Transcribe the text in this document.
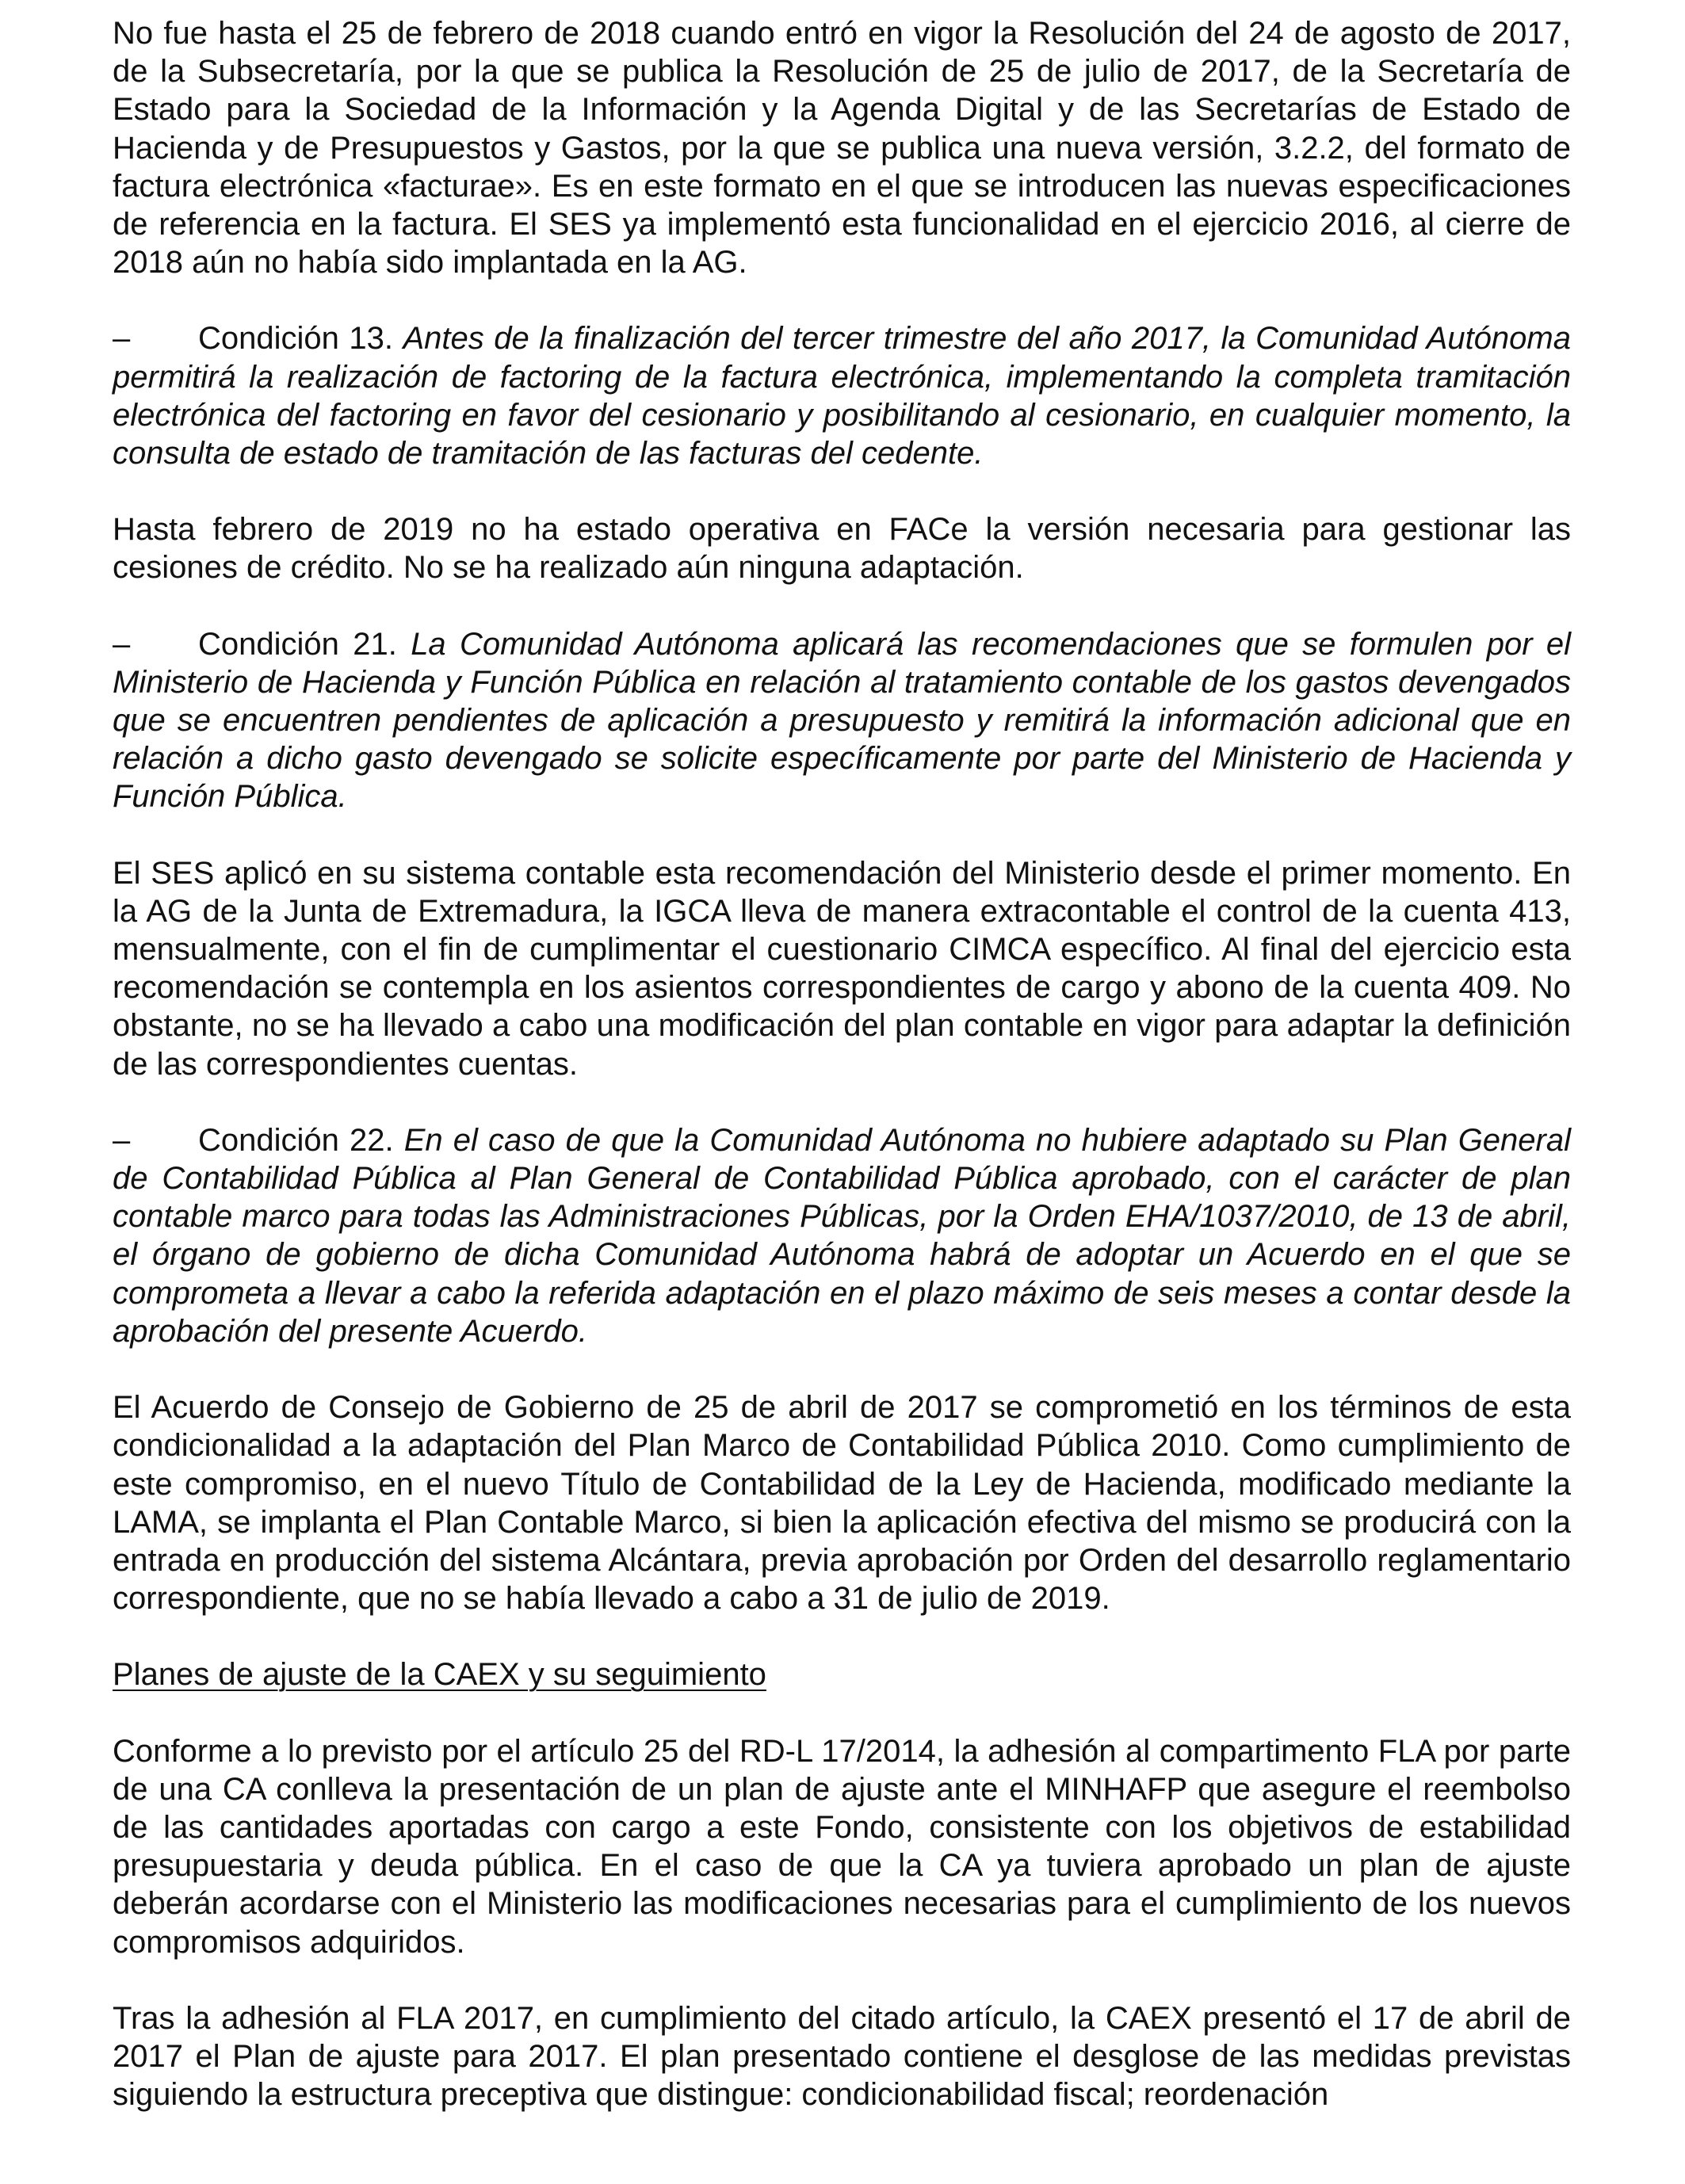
No fue hasta el 25 de febrero de 2018 cuando entró en vigor la Resolución del 24 de agosto de 2017, de la Subsecretaría, por la que se publica la Resolución de 25 de julio de 2017, de la Secretaría de Estado para la Sociedad de la Información y la Agenda Digital y de las Secretarías de Estado de Hacienda y de Presupuestos y Gastos, por la que se publica una nueva versión, 3.2.2, del formato de factura electrónica «facturae». Es en este formato en el que se introducen las nuevas especificaciones de referencia en la factura. El SES ya implementó esta funcionalidad en el ejercicio 2016, al cierre de 2018 aún no había sido implantada en la AG.

– Condición 13. Antes de la finalización del tercer trimestre del año 2017, la Comunidad Autónoma permitirá la realización de factoring de la factura electrónica, implementando la completa tramitación electrónica del factoring en favor del cesionario y posibilitando al cesionario, en cualquier momento, la consulta de estado de tramitación de las facturas del cedente.

Hasta febrero de 2019 no ha estado operativa en FACe la versión necesaria para gestionar las cesiones de crédito. No se ha realizado aún ninguna adaptación.

– Condición 21. La Comunidad Autónoma aplicará las recomendaciones que se formulen por el Ministerio de Hacienda y Función Pública en relación al tratamiento contable de los gastos devengados que se encuentren pendientes de aplicación a presupuesto y remitirá la información adicional que en relación a dicho gasto devengado se solicite específicamente por parte del Ministerio de Hacienda y Función Pública.

El SES aplicó en su sistema contable esta recomendación del Ministerio desde el primer momento. En la AG de la Junta de Extremadura, la IGCA lleva de manera extracontable el control de la cuenta 413, mensualmente, con el fin de cumplimentar el cuestionario CIMCA específico. Al final del ejercicio esta recomendación se contempla en los asientos correspondientes de cargo y abono de la cuenta 409. No obstante, no se ha llevado a cabo una modificación del plan contable en vigor para adaptar la definición de las correspondientes cuentas.

– Condición 22. En el caso de que la Comunidad Autónoma no hubiere adaptado su Plan General de Contabilidad Pública al Plan General de Contabilidad Pública aprobado, con el carácter de plan contable marco para todas las Administraciones Públicas, por la Orden EHA/1037/2010, de 13 de abril, el órgano de gobierno de dicha Comunidad Autónoma habrá de adoptar un Acuerdo en el que se comprometa a llevar a cabo la referida adaptación en el plazo máximo de seis meses a contar desde la aprobación del presente Acuerdo.

El Acuerdo de Consejo de Gobierno de 25 de abril de 2017 se comprometió en los términos de esta condicionalidad a la adaptación del Plan Marco de Contabilidad Pública 2010. Como cumplimiento de este compromiso, en el nuevo Título de Contabilidad de la Ley de Hacienda, modificado mediante la LAMA, se implanta el Plan Contable Marco, si bien la aplicación efectiva del mismo se producirá con la entrada en producción del sistema Alcántara, previa aprobación por Orden del desarrollo reglamentario correspondiente, que no se había llevado a cabo a 31 de julio de 2019.

Planes de ajuste de la CAEX y su seguimiento

Conforme a lo previsto por el artículo 25 del RD-L 17/2014, la adhesión al compartimento FLA por parte de una CA conlleva la presentación de un plan de ajuste ante el MINHAFP que asegure el reembolso de las cantidades aportadas con cargo a este Fondo, consistente con los objetivos de estabilidad presupuestaria y deuda pública. En el caso de que la CA ya tuviera aprobado un plan de ajuste deberán acordarse con el Ministerio las modificaciones necesarias para el cumplimiento de los nuevos compromisos adquiridos.

Tras la adhesión al FLA 2017, en cumplimiento del citado artículo, la CAEX presentó el 17 de abril de 2017 el Plan de ajuste para 2017. El plan presentado contiene el desglose de las medidas previstas siguiendo la estructura preceptiva que distingue: condicionabilidad fiscal; reordenación
